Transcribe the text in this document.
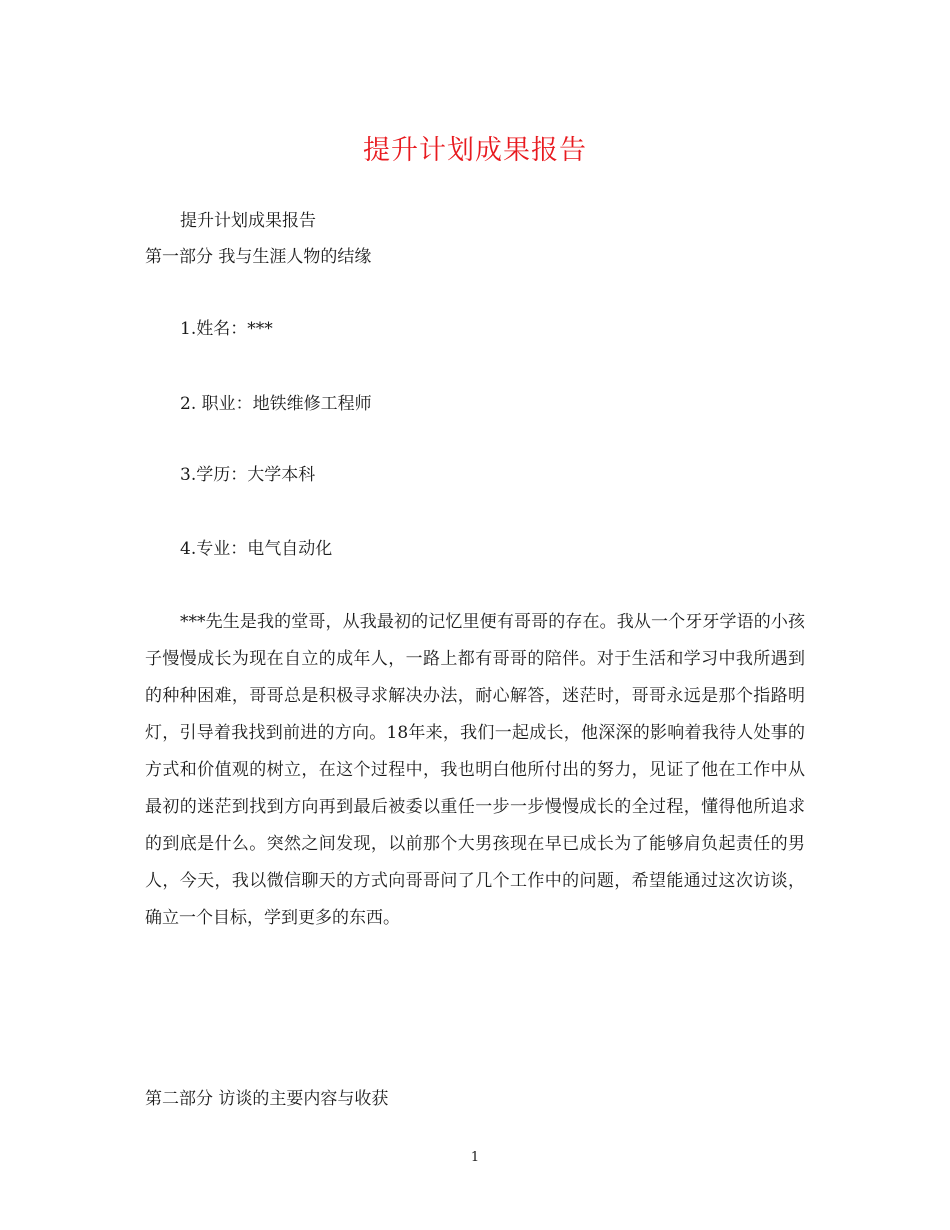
提升计划成果报告
提升计划成果报告
第一部分 我与生涯人物的结缘
1.姓名：***
2. 职业：地铁维修工程师
3.学历：大学本科
4.专业：电气自动化

***先生是我的堂哥，从我最初的记忆里便有哥哥的存在。我从一个牙牙学语的小孩子慢慢成长为现在自立的成年人，一路上都有哥哥的陪伴。对于生活和学习中我所遇到的种种困难，哥哥总是积极寻求解决办法，耐心解答，迷茫时，哥哥永远是那个指路明灯，引导着我找到前进的方向。18年来，我们一起成长，他深深的影响着我待人处事的方式和价值观的树立，在这个过程中，我也明白他所付出的努力，见证了他在工作中从最初的迷茫到找到方向再到最后被委以重任一步一步慢慢成长的全过程，懂得他所追求的到底是什么。突然之间发现，以前那个大男孩现在早已成长为了能够肩负起责任的男人，今天，我以微信聊天的方式向哥哥问了几个工作中的问题，希望能通过这次访谈，确立一个目标，学到更多的东西。

第二部分 访谈的主要内容与收获
1
